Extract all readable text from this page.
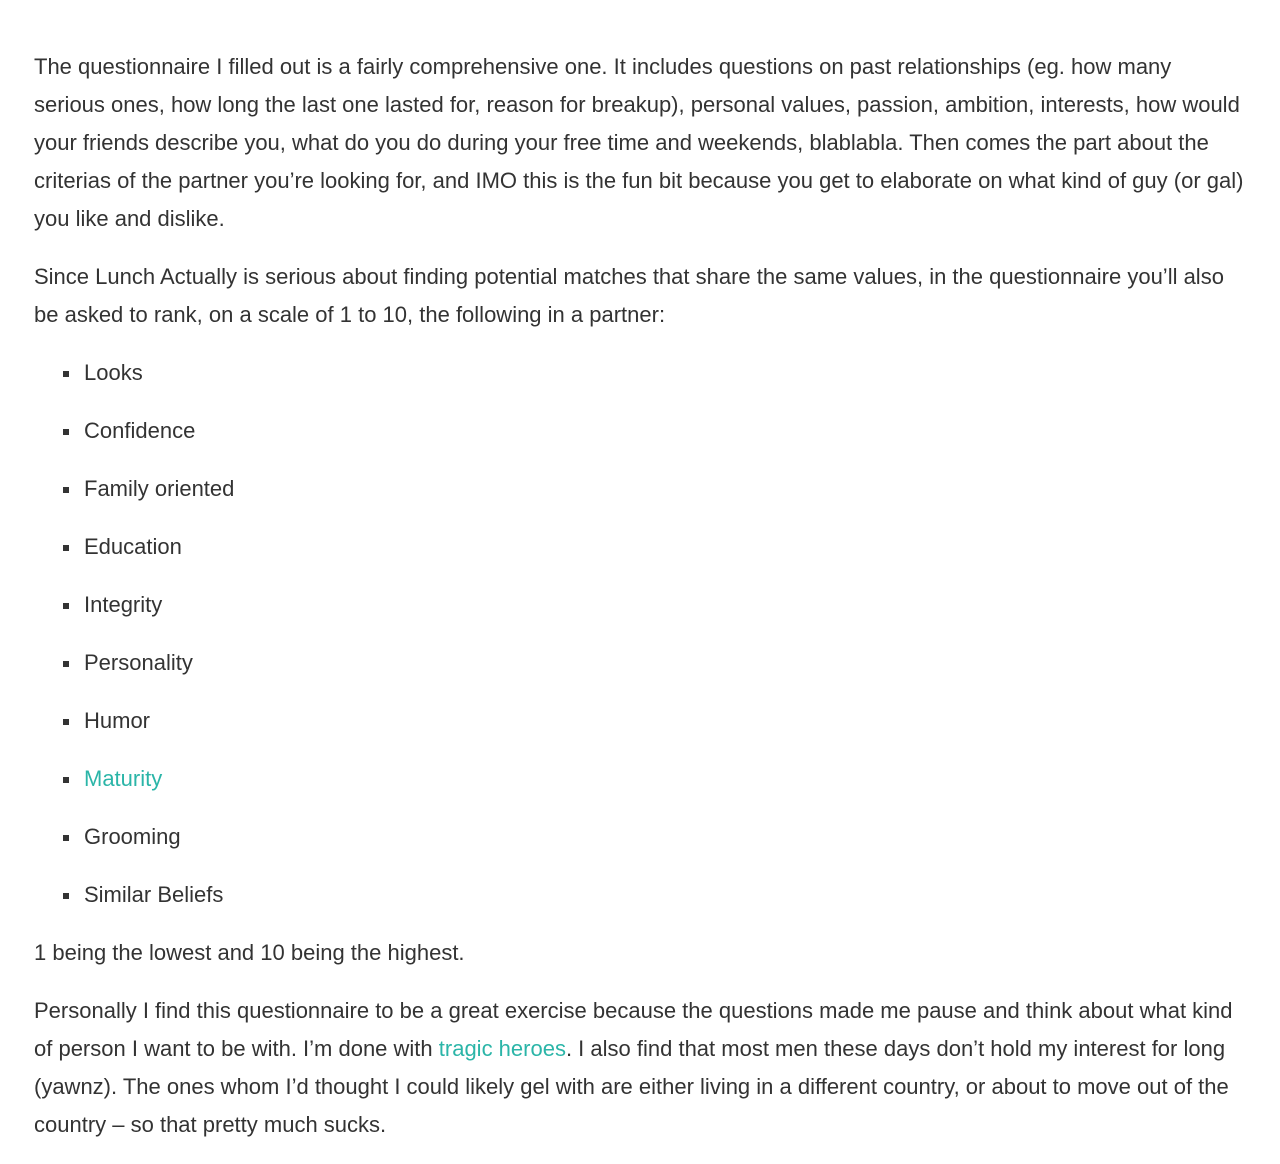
The questionnaire I filled out is a fairly comprehensive one. It includes questions on past relationships (eg. how many serious ones, how long the last one lasted for, reason for breakup), personal values, passion, ambition, interests, how would your friends describe you, what do you do during your free time and weekends, blablabla. Then comes the part about the criterias of the partner you’re looking for, and IMO this is the fun bit because you get to elaborate on what kind of guy (or gal) you like and dislike.

Since Lunch Actually is serious about finding potential matches that share the same values, in the questionnaire you’ll also be asked to rank, on a scale of 1 to 10, the following in a partner:

Looks
Confidence
Family oriented
Education
Integrity
Personality
Humor
Maturity
Grooming
Similar Beliefs

1 being the lowest and 10 being the highest.

Personally I find this questionnaire to be a great exercise because the questions made me pause and think about what kind of person I want to be with. I’m done with tragic heroes. I also find that most men these days don’t hold my interest for long (yawnz). The ones whom I’d thought I could likely gel with are either living in a different country, or about to move out of the country – so that pretty much sucks.
